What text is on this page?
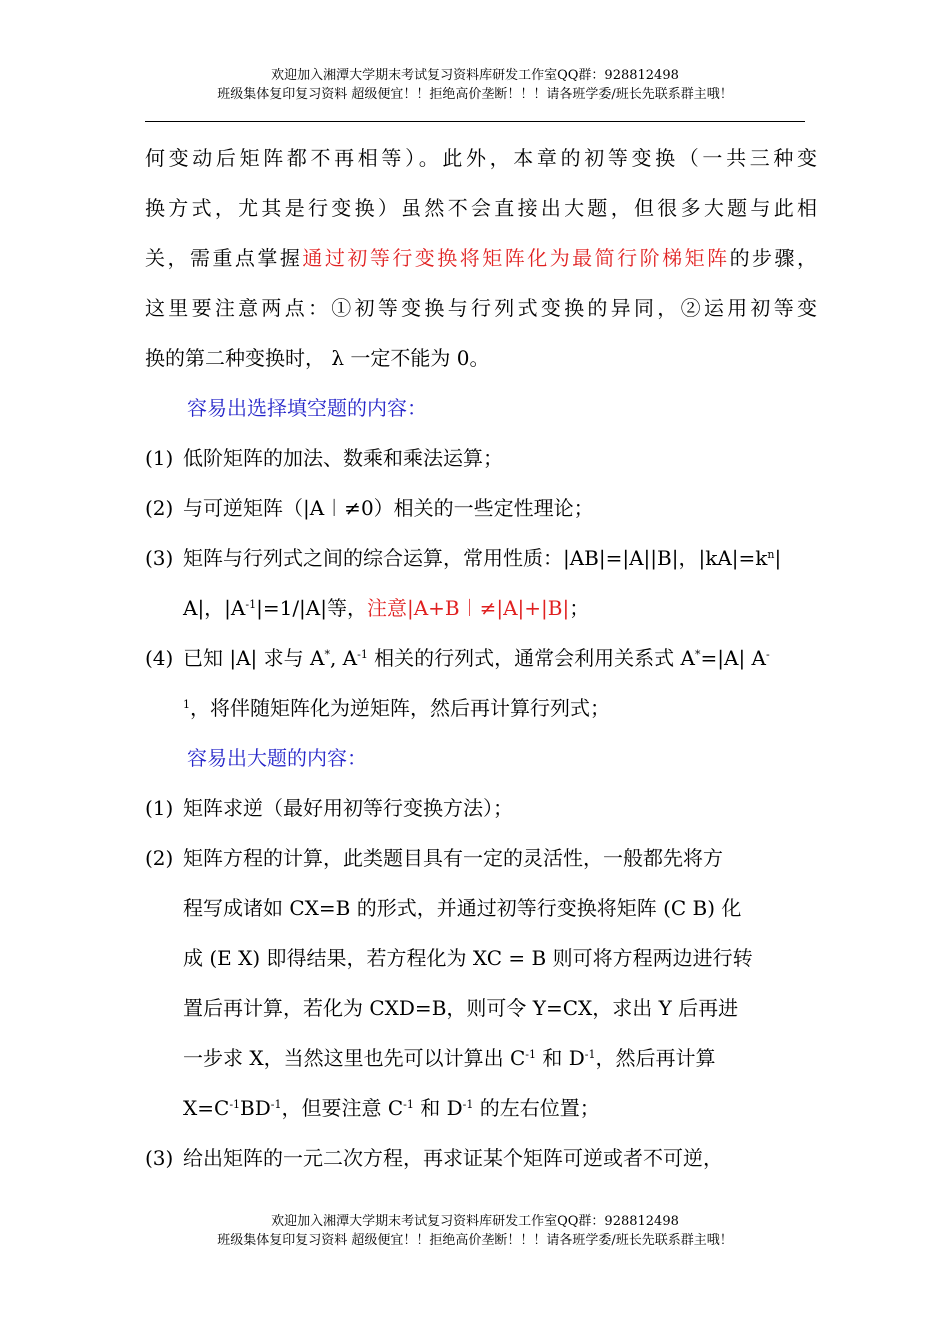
欢迎加入湘潭大学期末考试复习资料库研发工作室QQ群：928812498
班级集体复印复习资料 超级便宜！！拒绝高价垄断！！！请各班学委/班长先联系群主哦！
何变动后矩阵都不再相等）。此外，本章的初等变换（一共三种变
换方式，尤其是行变换）虽然不会直接出大题，但很多大题与此相
关，需重点掌握通过初等行变换将矩阵化为最简行阶梯矩阵的步骤，
这里要注意两点：①初等变换与行列式变换的异同，②运用初等变
换的第二种变换时， λ 一定不能为 0。
容易出选择填空题的内容：
(1) 低阶矩阵的加法、数乘和乘法运算；
(2) 与可逆矩阵（|A︱≠0）相关的一些定性理论；
(3) 矩阵与行列式之间的综合运算，常用性质：|AB|=|A||B|，$|kA|=k^n|$
A|，$|A^{-1}|=1/|A|$等，注意|A+B︱≠|A|+|B|；
(4) 已知 |A| 求与 A*, $A^{-1}$ 相关的行列式，通常会利用关系式 A*=|A| A-
$^1$，将伴随矩阵化为逆矩阵，然后再计算行列式；
容易出大题的内容：
(1) 矩阵求逆（最好用初等行变换方法）；
(2) 矩阵方程的计算，此类题目具有一定的灵活性，一般都先将方
程写成诸如 CX=B 的形式，并通过初等行变换将矩阵 (C B) 化
成 (E X) 即得结果，若方程化为 XC = B 则可将方程两边进行转
置后再计算，若化为 CXD=B，则可令 Y=CX，求出 Y 后再进
一步求 X，当然这里也先可以计算出 $C^{-1}$ 和 $D^{-1}$，然后再计算
$X=C^{-1}BD^{-1}$，但要注意 $C^{-1}$ 和 $D^{-1}$ 的左右位置；
(3) 给出矩阵的一元二次方程，再求证某个矩阵可逆或者不可逆，
欢迎加入湘潭大学期末考试复习资料库研发工作室QQ群：928812498
班级集体复印复习资料 超级便宜！！拒绝高价垄断！！！请各班学委/班长先联系群主哦！
